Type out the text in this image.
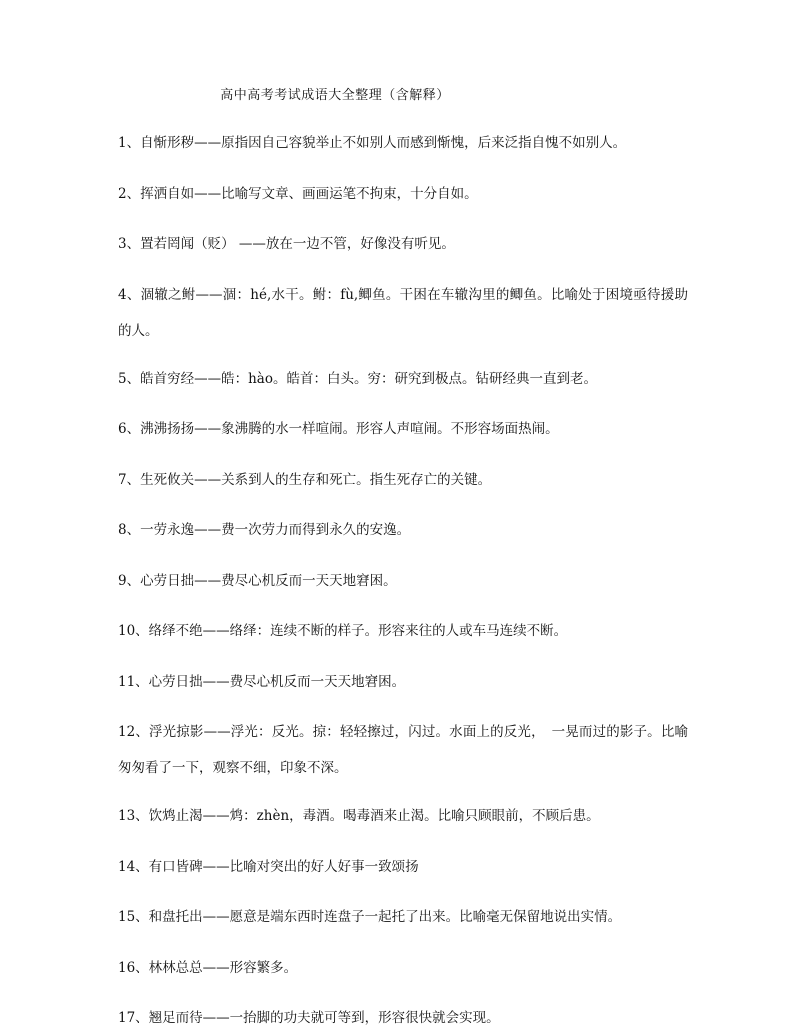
高中高考考试成语大全整理（含解释）
1、自惭形秽——原指因自己容貌举止不如别人而感到惭愧，后来泛指自愧不如别人。
2、挥洒自如——比喻写文章、画画运笔不拘束，十分自如。
3、置若罔闻（贬） ——放在一边不管，好像没有听见。
4、涸辙之鲋——涸：hé,水干。鲋：fù,鲫鱼。干困在车辙沟里的鲫鱼。比喻处于困境亟待援助的人。
5、皓首穷经——皓：hào。皓首：白头。穷：研究到极点。钻研经典一直到老。
6、沸沸扬扬——象沸腾的水一样喧闹。形容人声喧闹。不形容场面热闹。
7、生死攸关——关系到人的生存和死亡。指生死存亡的关键。
8、一劳永逸——费一次劳力而得到永久的安逸。
9、心劳日拙——费尽心机反而一天天地窘困。
10、络绎不绝——络绎：连续不断的样子。形容来往的人或车马连续不断。
11、心劳日拙——费尽心机反而一天天地窘困。
12、浮光掠影——浮光：反光。掠：轻轻擦过，闪过。水面上的反光，　一晃而过的影子。比喻匆匆看了一下，观察不细，印象不深。
13、饮鸩止渴——鸩：zhèn，毒酒。喝毒酒来止渴。比喻只顾眼前，不顾后患。
14、有口皆碑——比喻对突出的好人好事一致颂扬
15、和盘托出——愿意是端东西时连盘子一起托了出来。比喻毫无保留地说出实情。
16、林林总总——形容繁多。
17、翘足而待——一抬脚的功夫就可等到，形容很快就会实现。
